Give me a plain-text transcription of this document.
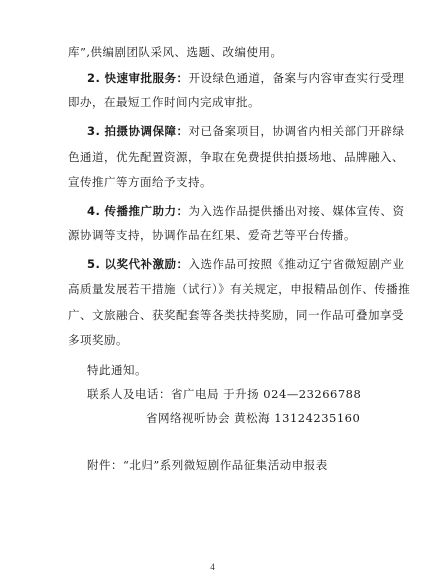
库”,供编剧团队采风、选题、改编使用。
2. 快速审批服务：开设绿色通道，备案与内容审查实行受理
即办，在最短工作时间内完成审批。
3. 拍摄协调保障：对已备案项目，协调省内相关部门开辟绿
色通道，优先配置资源，争取在免费提供拍摄场地、品牌融入、
宣传推广等方面给予支持。
4. 传播推广助力：为入选作品提供播出对接、媒体宣传、资
源协调等支持，协调作品在红果、爱奇艺等平台传播。
5. 以奖代补激励：入选作品可按照《推动辽宁省微短剧产业
高质量发展若干措施（试行）》有关规定，申报精品创作、传播推
广、文旅融合、获奖配套等各类扶持奖励，同一作品可叠加享受
多项奖励。
特此通知。
联系人及电话：省广电局 于升扬 024—23266788
省网络视听协会 黄松海 13124235160
附件：“北归”系列微短剧作品征集活动申报表
4
